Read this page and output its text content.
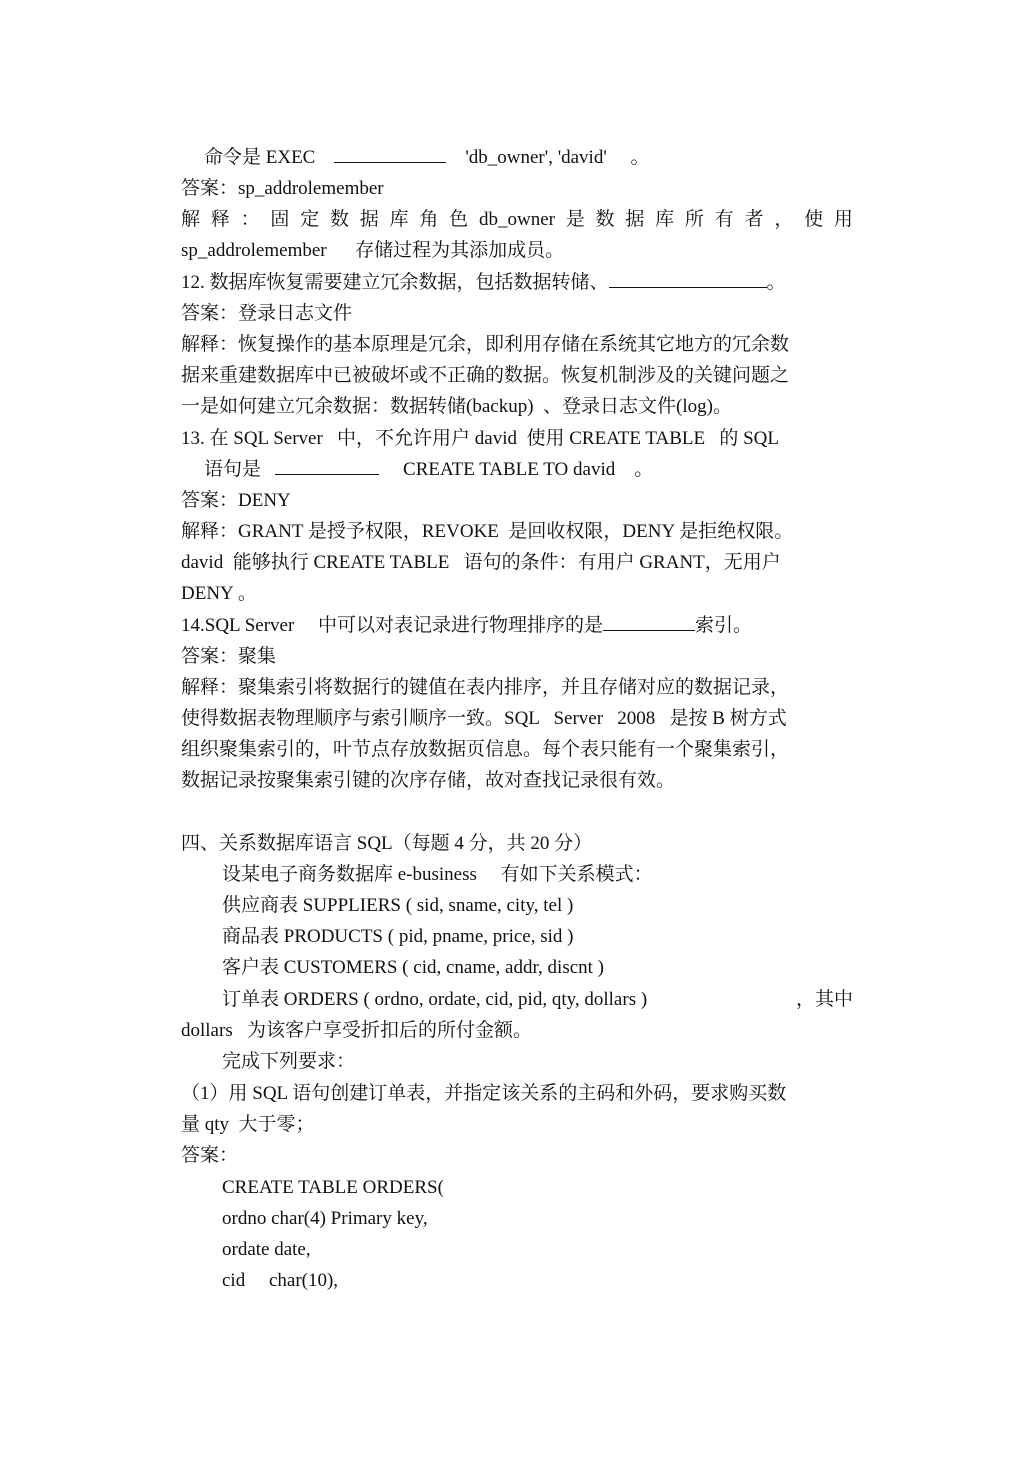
命令是 EXEC	'db_owner', 'david' 。
答案：sp_addrolemember
解 释 ： 固 定 数 据 库 角 色 db_owner 是 数 据 库 所 有 者 ， 使 用
sp_addrolemember      存储过程为其添加成员。
12. 数据库恢复需要建立冗余数据，包括数据转储、	。
答案：登录日志文件
解释：恢复操作的基本原理是冗余，即利用存储在系统其它地方的冗余数
据来重建数据库中已被破坏或不正确的数据。恢复机制涉及的关键问题之
一是如何建立冗余数据：数据转储(backup)  、登录日志文件(log)。
13. 在 SQL Server   中，不允许用户 david  使用 CREATE TABLE   的 SQL
语句是	CREATE TABLE TO david 。
答案：DENY
解释：GRANT 是授予权限，REVOKE  是回收权限，DENY 是拒绝权限。
david  能够执行 CREATE TABLE   语句的条件：有用户 GRANT，无用户
DENY 。
14.SQL Server     中可以对表记录进行物理排序的是	索引。
答案：聚集
解释：聚集索引将数据行的键值在表内排序，并且存储对应的数据记录，
使得数据表物理顺序与索引顺序一致。SQL   Server   2008   是按 B 树方式
组织聚集索引的，叶节点存放数据页信息。每个表只能有一个聚集索引，
数据记录按聚集索引键的次序存储，故对查找记录很有效。
四、关系数据库语言 SQL（每题 4 分，共 20 分）
设某电子商务数据库 e-business     有如下关系模式：
供应商表 SUPPLIERS ( sid, sname, city, tel )
商品表 PRODUCTS ( pid, pname, price, sid )
客户表 CUSTOMERS ( cid, cname, addr, discnt )
订单表 ORDERS ( ordno, ordate, cid, pid, qty, dollars )	，其中
dollars   为该客户享受折扣后的所付金额。
完成下列要求：
（1）用 SQL 语句创建订单表，并指定该关系的主码和外码，要求购买数
量 qty  大于零；
答案：
CREATE TABLE ORDERS(
ordno char(4) Primary key,
ordate date,
cid     char(10),
